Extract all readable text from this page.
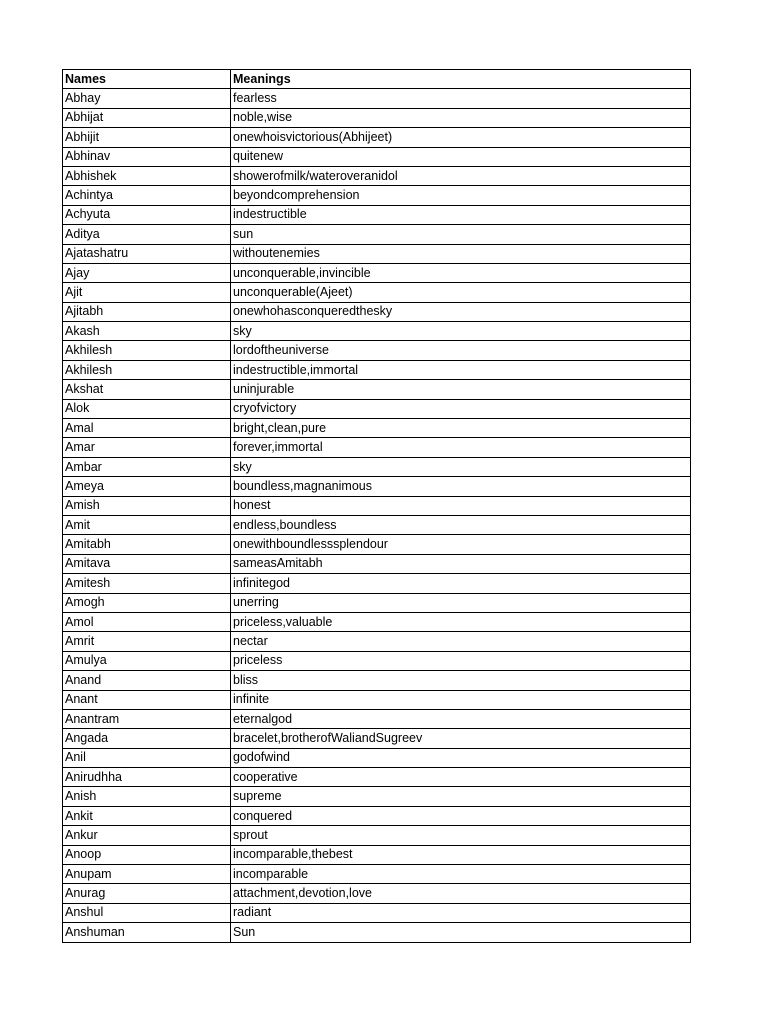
Names	Meanings
Abhay	fearless
Abhijat	noble,wise
Abhijit	onewhoisvictorious(Abhijeet)
Abhinav	quitenew
Abhishek	showerofmilk/wateroveranidol
Achintya	beyondcomprehension
Achyuta	indestructible
Aditya	sun
Ajatashatru	withoutenemies
Ajay	unconquerable,invincible
Ajit	unconquerable(Ajeet)
Ajitabh	onewhohasconqueredthesky
Akash	sky
Akhilesh	lordoftheuniverse
Akhilesh	indestructible,immortal
Akshat	uninjurable
Alok	cryofvictory
Amal	bright,clean,pure
Amar	forever,immortal
Ambar	sky
Ameya	boundless,magnanimous
Amish	honest
Amit	endless,boundless
Amitabh	onewithboundlesssplendour
Amitava	sameasAmitabh
Amitesh	infinitegod
Amogh	unerring
Amol	priceless,valuable
Amrit	nectar
Amulya	priceless
Anand	bliss
Anant	infinite
Anantram	eternalgod
Angada	bracelet,brotherofWaliandSugreev
Anil	godofwind
Anirudhha	cooperative
Anish	supreme
Ankit	conquered
Ankur	sprout
Anoop	incomparable,thebest
Anupam	incomparable
Anurag	attachment,devotion,love
Anshul	radiant
Anshuman	Sun
